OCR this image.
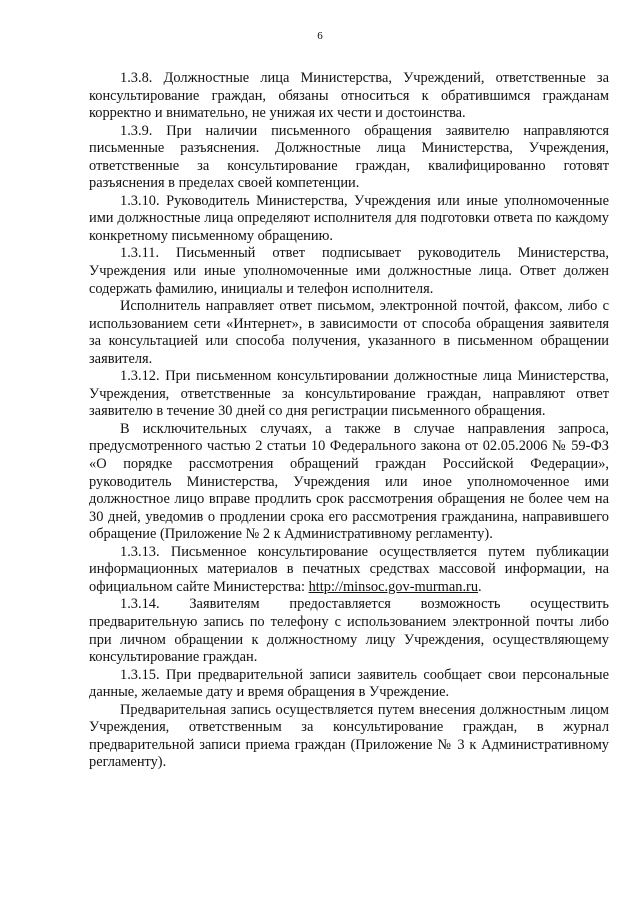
6

1.3.8. Должностные лица Министерства, Учреждений, ответственные за консультирование граждан, обязаны относиться к обратившимся гражданам корректно и внимательно, не унижая их чести и достоинства.

1.3.9. При наличии письменного обращения заявителю направляются письменные разъяснения. Должностные лица Министерства, Учреждения, ответственные за консультирование граждан, квалифицированно готовят разъяснения в пределах своей компетенции.

1.3.10. Руководитель Министерства, Учреждения или иные уполномоченные ими должностные лица определяют исполнителя для подготовки ответа по каждому конкретному письменному обращению.

1.3.11. Письменный ответ подписывает руководитель Министерства, Учреждения или иные уполномоченные ими должностные лица. Ответ должен содержать фамилию, инициалы и телефон исполнителя.

Исполнитель направляет ответ письмом, электронной почтой, факсом, либо с использованием сети «Интернет», в зависимости от способа обращения заявителя за консультацией или способа получения, указанного в письменном обращении заявителя.

1.3.12. При письменном консультировании должностные лица Министерства, Учреждения, ответственные за консультирование граждан, направляют ответ заявителю в течение 30 дней со дня регистрации письменного обращения.

В исключительных случаях, а также в случае направления запроса, предусмотренного частью 2 статьи 10 Федерального закона от 02.05.2006 № 59-ФЗ «О порядке рассмотрения обращений граждан Российской Федерации», руководитель Министерства, Учреждения или иное уполномоченное ими должностное лицо вправе продлить срок рассмотрения обращения не более чем на 30 дней, уведомив о продлении срока его рассмотрения гражданина, направившего обращение (Приложение № 2 к Административному регламенту).

1.3.13. Письменное консультирование осуществляется путем публикации информационных материалов в печатных средствах массовой информации, на официальном сайте Министерства: http://minsoc.gov-murman.ru.

1.3.14. Заявителям предоставляется возможность осуществить предварительную запись по телефону с использованием электронной почты либо при личном обращении к должностному лицу Учреждения, осуществляющему консультирование граждан.

1.3.15. При предварительной записи заявитель сообщает свои персональные данные, желаемые дату и время обращения в Учреждение.

Предварительная запись осуществляется путем внесения должностным лицом Учреждения, ответственным за консультирование граждан, в журнал предварительной записи приема граждан (Приложение № 3 к Административному регламенту).
